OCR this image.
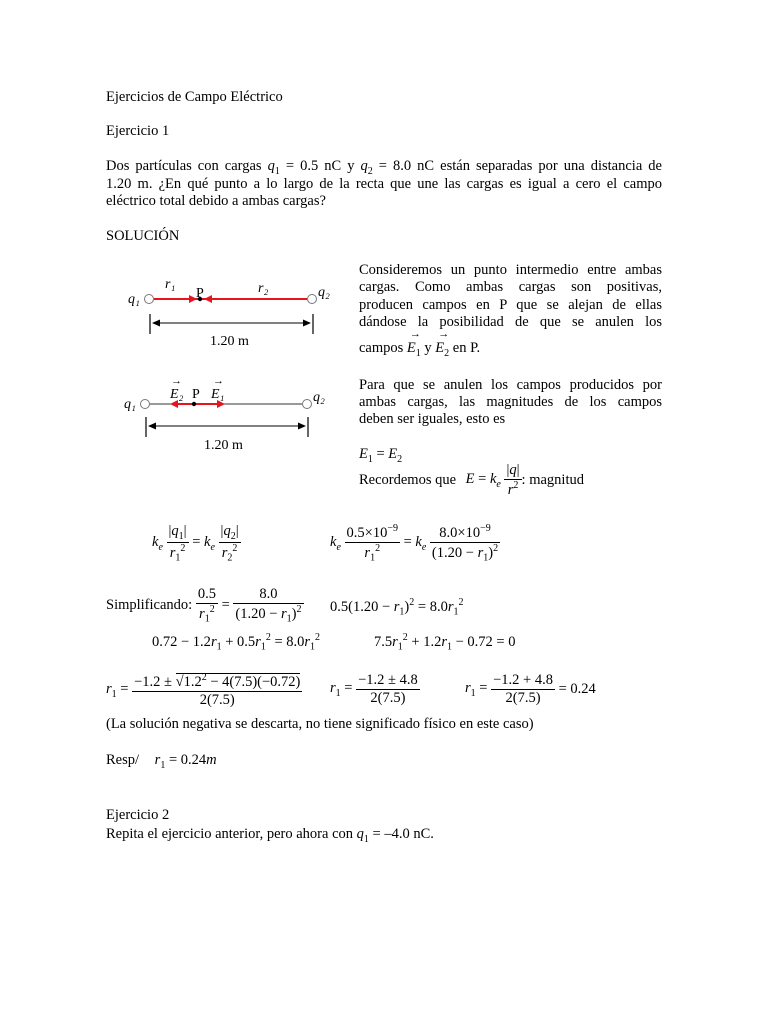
Ejercicios de Campo Eléctrico
Ejercicio 1
Dos partículas con cargas $q_1 = 0.5$ nC y $q_2 = 8.0$ nC están separadas por una distancia de
1.20 m. ¿En qué punto a lo largo de la recta que une las cargas es igual a cero el campo
eléctrico total debido a ambas cargas?
SOLUCIÓN
q₁	q₂
r₁	r₂
P
1.20 m
q₁	q₂
→
E₂ P
→
E₁
1.20 m
Consideremos un punto intermedio entre ambas
cargas. Como ambas cargas son positivas,
producen campos en P que se alejan de ellas
dándose la posibilidad de que se anulen los
campos
→
$E_1$ y
→
$E_2$ en P.
Para que se anulen los campos producidos por
ambas cargas, las magnitudes de los campos
deben ser iguales, esto es
$E_1 = E_2$
Recordemos que $E = k_e \frac{|q|}{r^2}$ : magnitud
$k_e \frac{|q_1|}{r_1^2} = k_e \frac{|q_2|}{r_2^2}$	$k_e \frac{0.5\times 10^{-9}}{r_1^2} = k_e \frac{8.0\times 10^{-9}}{(1.20 - r_1)^2}$
Simplificando: $\frac{0.5}{r_1^2} = \frac{8.0}{(1.20 - r_1)^2} 0.5(1.20 - r_1)^2 = 8.0r_1^2$
$0.72 - 1.2r_1 + 0.5r_1^2 = 8.0r_1^2$	$7.5r_1^2 + 1.2r_1 - 0.72 = 0$
$r_1 = \frac{-1.2 \pm √1.2^2 - 4(7.5)(-0.72)}{2(7.5)} r_1 = \frac{-1.2 \pm 4.8}{2(7.5)}$	$r_1 = \frac{-1.2 + 4.8}{2(7.5)} = 0.24$
(La solución negativa se descarta, no tiene significado físico en este caso)
Resp/ $r_1 = 0.24m$
Ejercicio 2
Repita el ejercicio anterior, pero ahora con $q_1 = -4.0$ nC.
